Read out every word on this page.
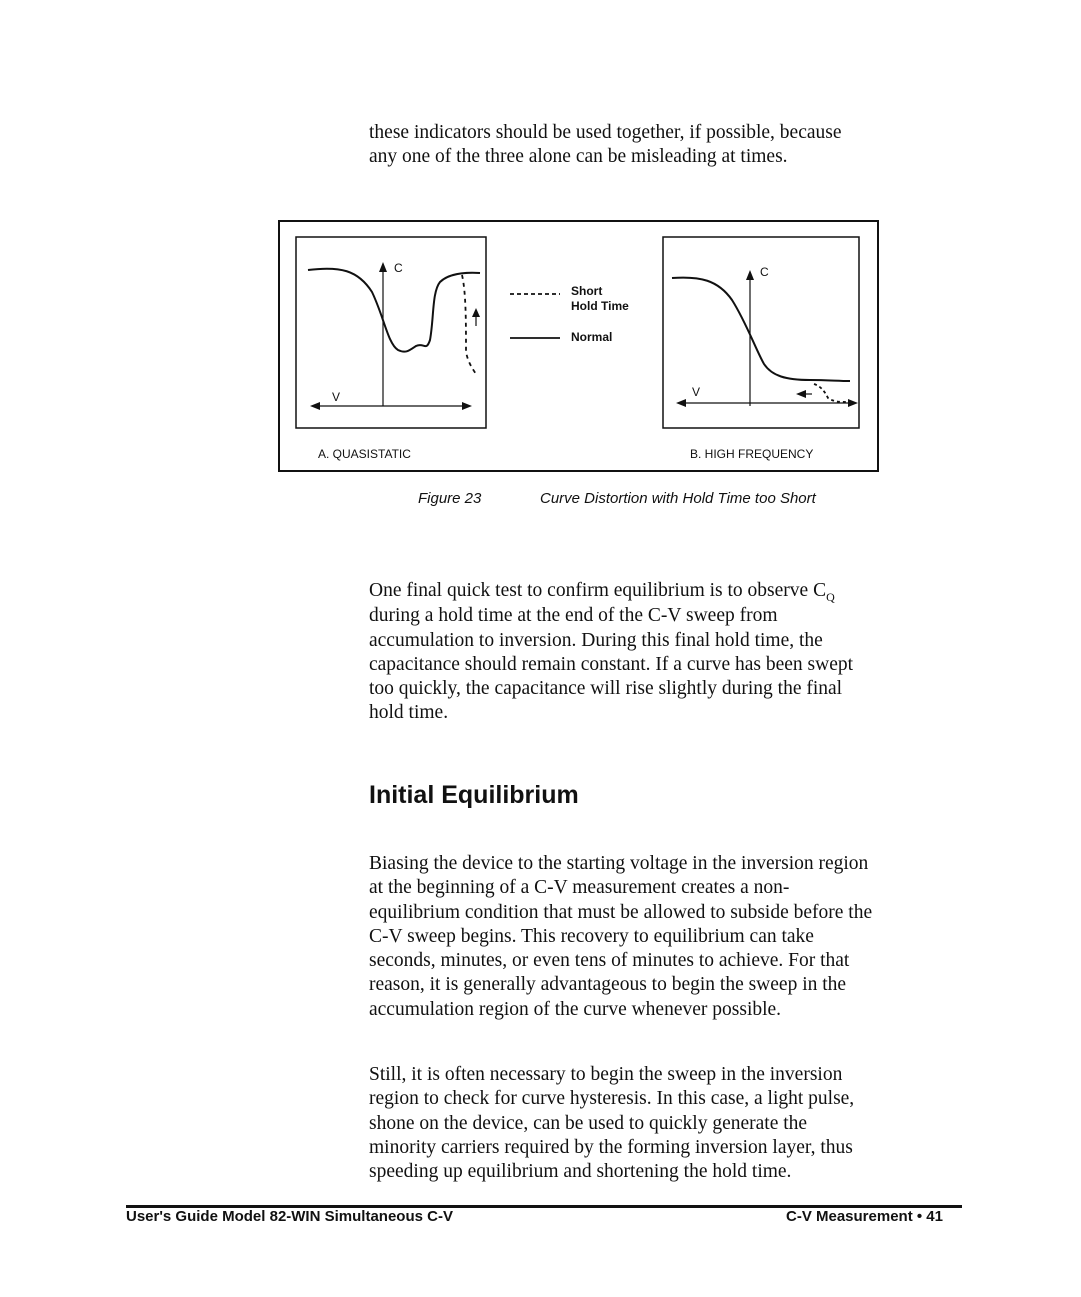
these indicators should be used together, if possible, because
any one of the three alone can be misleading at times.
C
V
A. QUASISTATIC
Short
Hold Time
Normal
C
V
B. HIGH FREQUENCY
Figure 23	Curve Distortion with Hold Time too Short
One final quick test to confirm equilibrium is to observe $C_Q$
during a hold time at the end of the C-V sweep from
accumulation to inversion. During this final hold time, the
capacitance should remain constant. If a curve has been swept
too quickly, the capacitance will rise slightly during the final
hold time.
Initial Equilibrium
Biasing the device to the starting voltage in the inversion region
at the beginning of a C-V measurement creates a non-
equilibrium condition that must be allowed to subside before the
C-V sweep begins. This recovery to equilibrium can take
seconds, minutes, or even tens of minutes to achieve. For that
reason, it is generally advantageous to begin the sweep in the
accumulation region of the curve whenever possible.
Still, it is often necessary to begin the sweep in the inversion
region to check for curve hysteresis. In this case, a light pulse,
shone on the device, can be used to quickly generate the
minority carriers required by the forming inversion layer, thus
speeding up equilibrium and shortening the hold time.
User's Guide Model 82-WIN Simultaneous C-V	C-V Measurement • 41
